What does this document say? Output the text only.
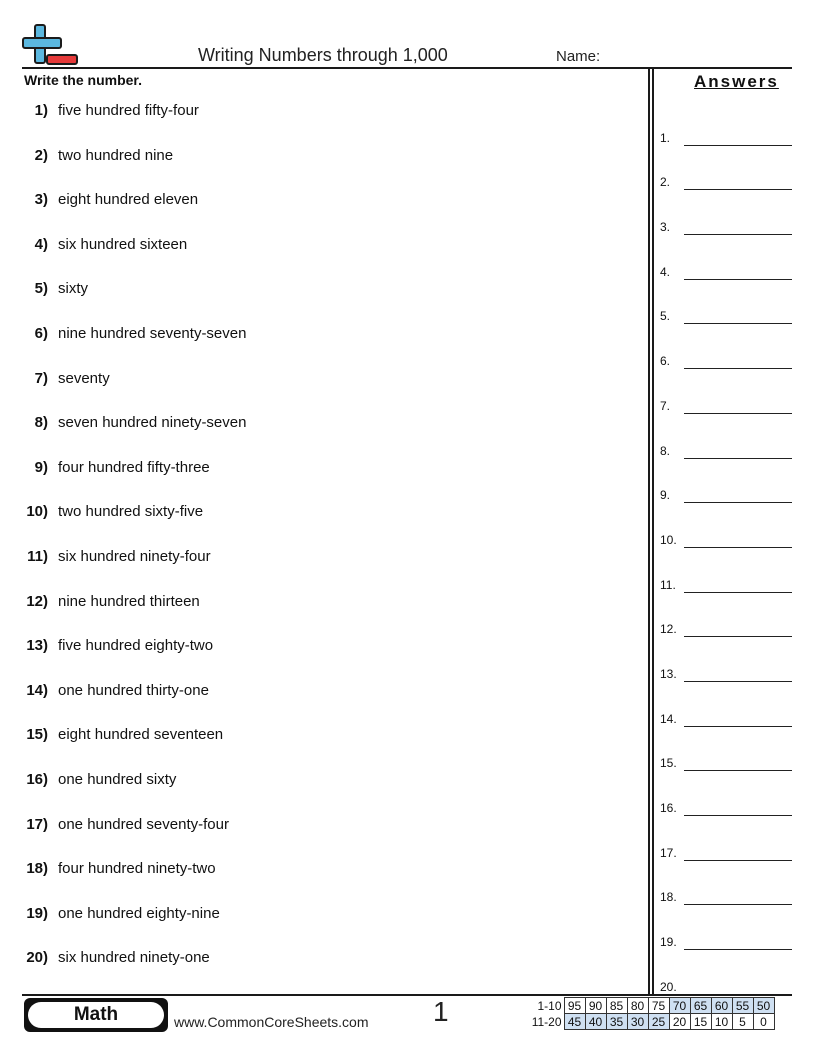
Writing Numbers through 1,000	Name:
Write the number.
1) five hundred fifty-four
2) two hundred nine
3) eight hundred eleven
4) six hundred sixteen
5) sixty
6) nine hundred seventy-seven
7) seventy
8) seven hundred ninety-seven
9) four hundred fifty-three
10) two hundred sixty-five
11) six hundred ninety-four
12) nine hundred thirteen
13) five hundred eighty-two
14) one hundred thirty-one
15) eight hundred seventeen
16) one hundred sixty
17) one hundred seventy-four
18) four hundred ninety-two
19) one hundred eighty-nine
20) six hundred ninety-one
Answers
1.
2.
3.
4.
5.
6.
7.
8.
9.
10.
11.
12.
13.
14.
15.
16.
17.
18.
19.
20.
Math	www.CommonCoreSheets.com 1	1-10	95	90	85	80	75	70	65	60	55	50
11-20	45	40	35	30	25	20	15	10	5	0
